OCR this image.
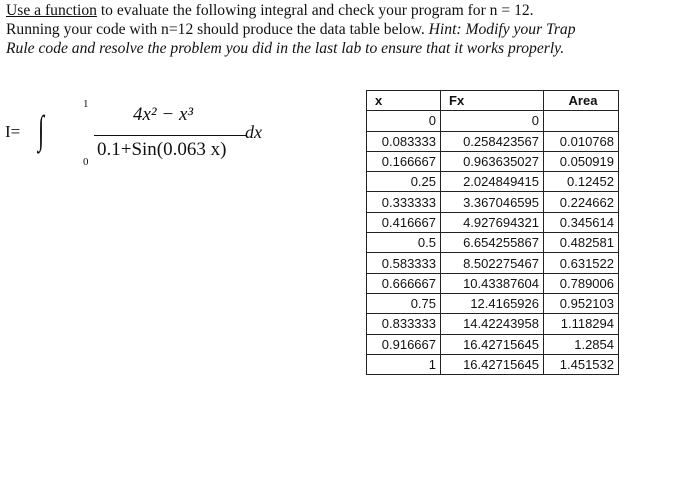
Use a function to evaluate the following integral and check your program for n = 12.
Running your code with n=12 should produce the data table below. Hint: Modify your Trap
Rule code and resolve the problem you did in the last lab to ensure that it works properly.
I= ∫
1
0
4x² − x³
0.1+Sin(0.063 x)
dx
x	Fx	Area
0	0	
0.083333	0.258423567	0.010768
0.166667	0.963635027	0.050919
0.25	2.024849415	0.12452
0.333333	3.367046595	0.224662
0.416667	4.927694321	0.345614
0.5	6.654255867	0.482581
0.583333	8.502275467	0.631522
0.666667	10.43387604	0.789006
0.75	12.4165926	0.952103
0.833333	14.42243958	1.118294
0.916667	16.42715645	1.2854
1	16.42715645	1.451532
